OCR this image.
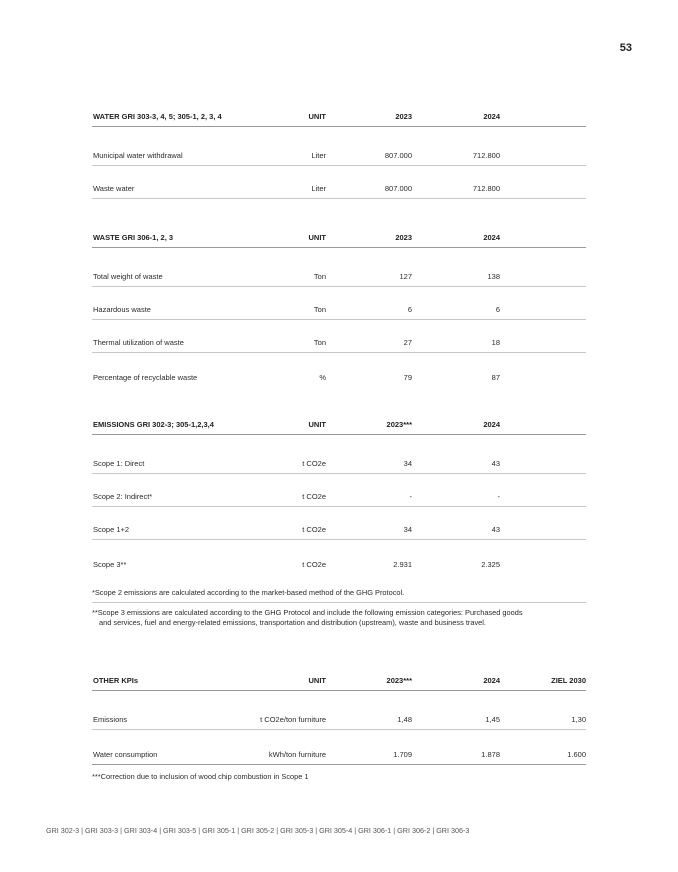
53
WATER GRI 303-3, 4, 5; 305-1, 2, 3, 4	UNIT	2023	2024
Municipal water withdrawal	Liter	807.000	712.800
Waste water	Liter	807.000	712.800
WASTE GRI 306-1, 2, 3	UNIT	2023	2024
Total weight of waste	Ton	127	138
Hazardous waste	Ton	6	6
Thermal utilization of waste	Ton	27	18
Percentage of recyclable waste	%	79	87
EMISSIONS GRI 302-3; 305-1,2,3,4	UNIT	2023***	2024
Scope 1: Direct	t CO2e	34	43
Scope 2: Indirect*	t CO2e	-	-
Scope 1+2	t CO2e	34	43
Scope 3**	t CO2e	2.931	2.325
*Scope 2 emissions are calculated according to the market-based method of the GHG Protocol.
**Scope 3 emissions are calculated according to the GHG Protocol and include the following emission categories: Purchased goods
and services, fuel and energy-related emissions, transportation and distribution (upstream), waste and business travel.
OTHER KPIs	UNIT	2023***	2024	ZIEL 2030
Emissions	t CO2e/ton furniture	1,48	1,45	1,30
Water consumption	kWh/ton furniture	1.709	1.878	1.600
***Correction due to inclusion of wood chip combustion in Scope 1
GRI 302-3 | GRI 303-3 | GRI 303-4 | GRI 303-5 | GRI 305-1 | GRI 305-2 | GRI 305-3 | GRI 305-4 | GRI 306-1 | GRI 306-2 | GRI 306-3
